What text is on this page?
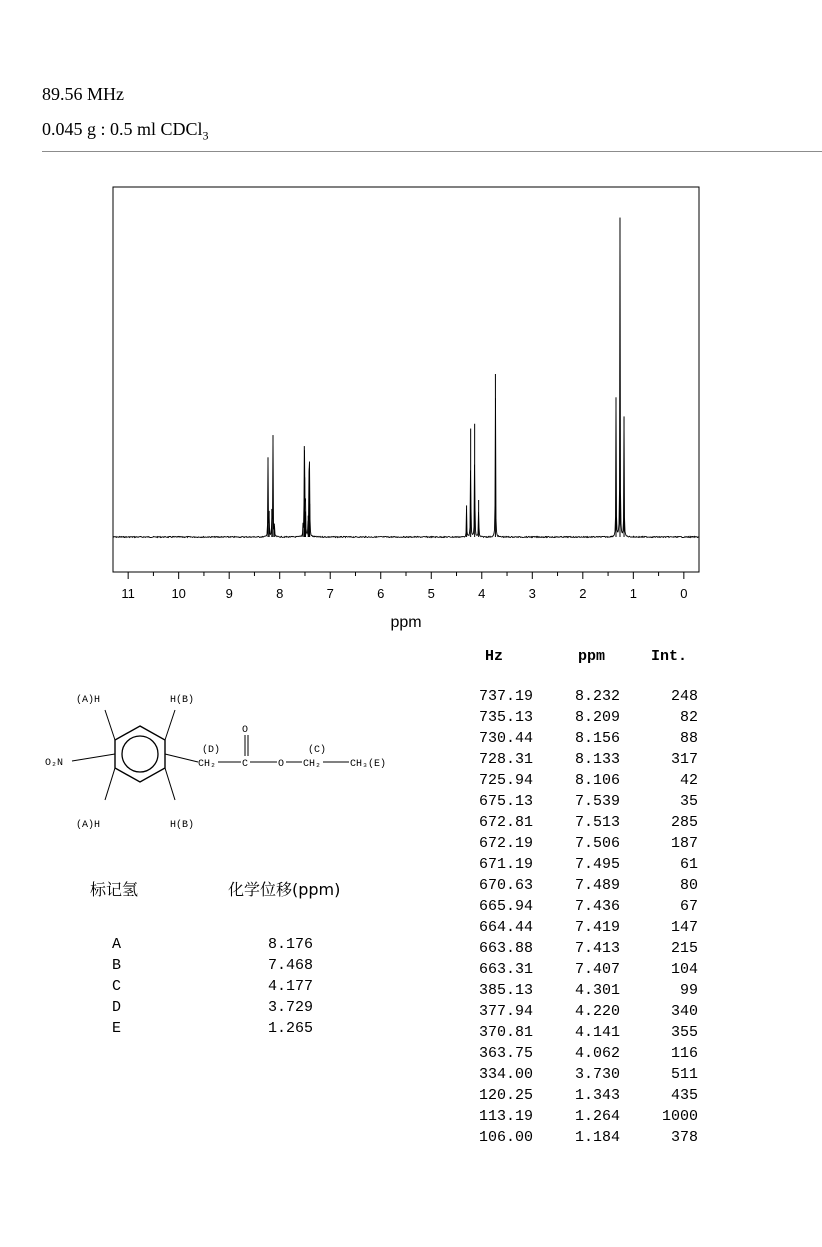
89.56 MHz
0.045 g : 0.5 ml CDCl$_3$
11	10	9	8	7	6	5	4	3	2	1	0
ppm
(A)H	H(B)
(A)H	H(B)
O₂N
(D)
CH₂	C
O
O
(C)
CH₂	CH₃(E)
Hz	ppm	Int.
737.19	8.232	248
735.13	8.209	82
730.44	8.156	88
728.31	8.133	317
725.94	8.106	42
675.13	7.539	35
672.81	7.513	285
672.19	7.506	187
671.19	7.495	61
670.63	7.489	80
665.94	7.436	67
664.44	7.419	147
663.88	7.413	215
663.31	7.407	104
385.13	4.301	99
377.94	4.220	340
370.81	4.141	355
363.75	4.062	116
334.00	3.730	511
120.25	1.343	435
113.19	1.264	1000
106.00	1.184	378
标记氢	化学位移(ppm)
A	8.176
B	7.468
C	4.177
D	3.729
E	1.265
